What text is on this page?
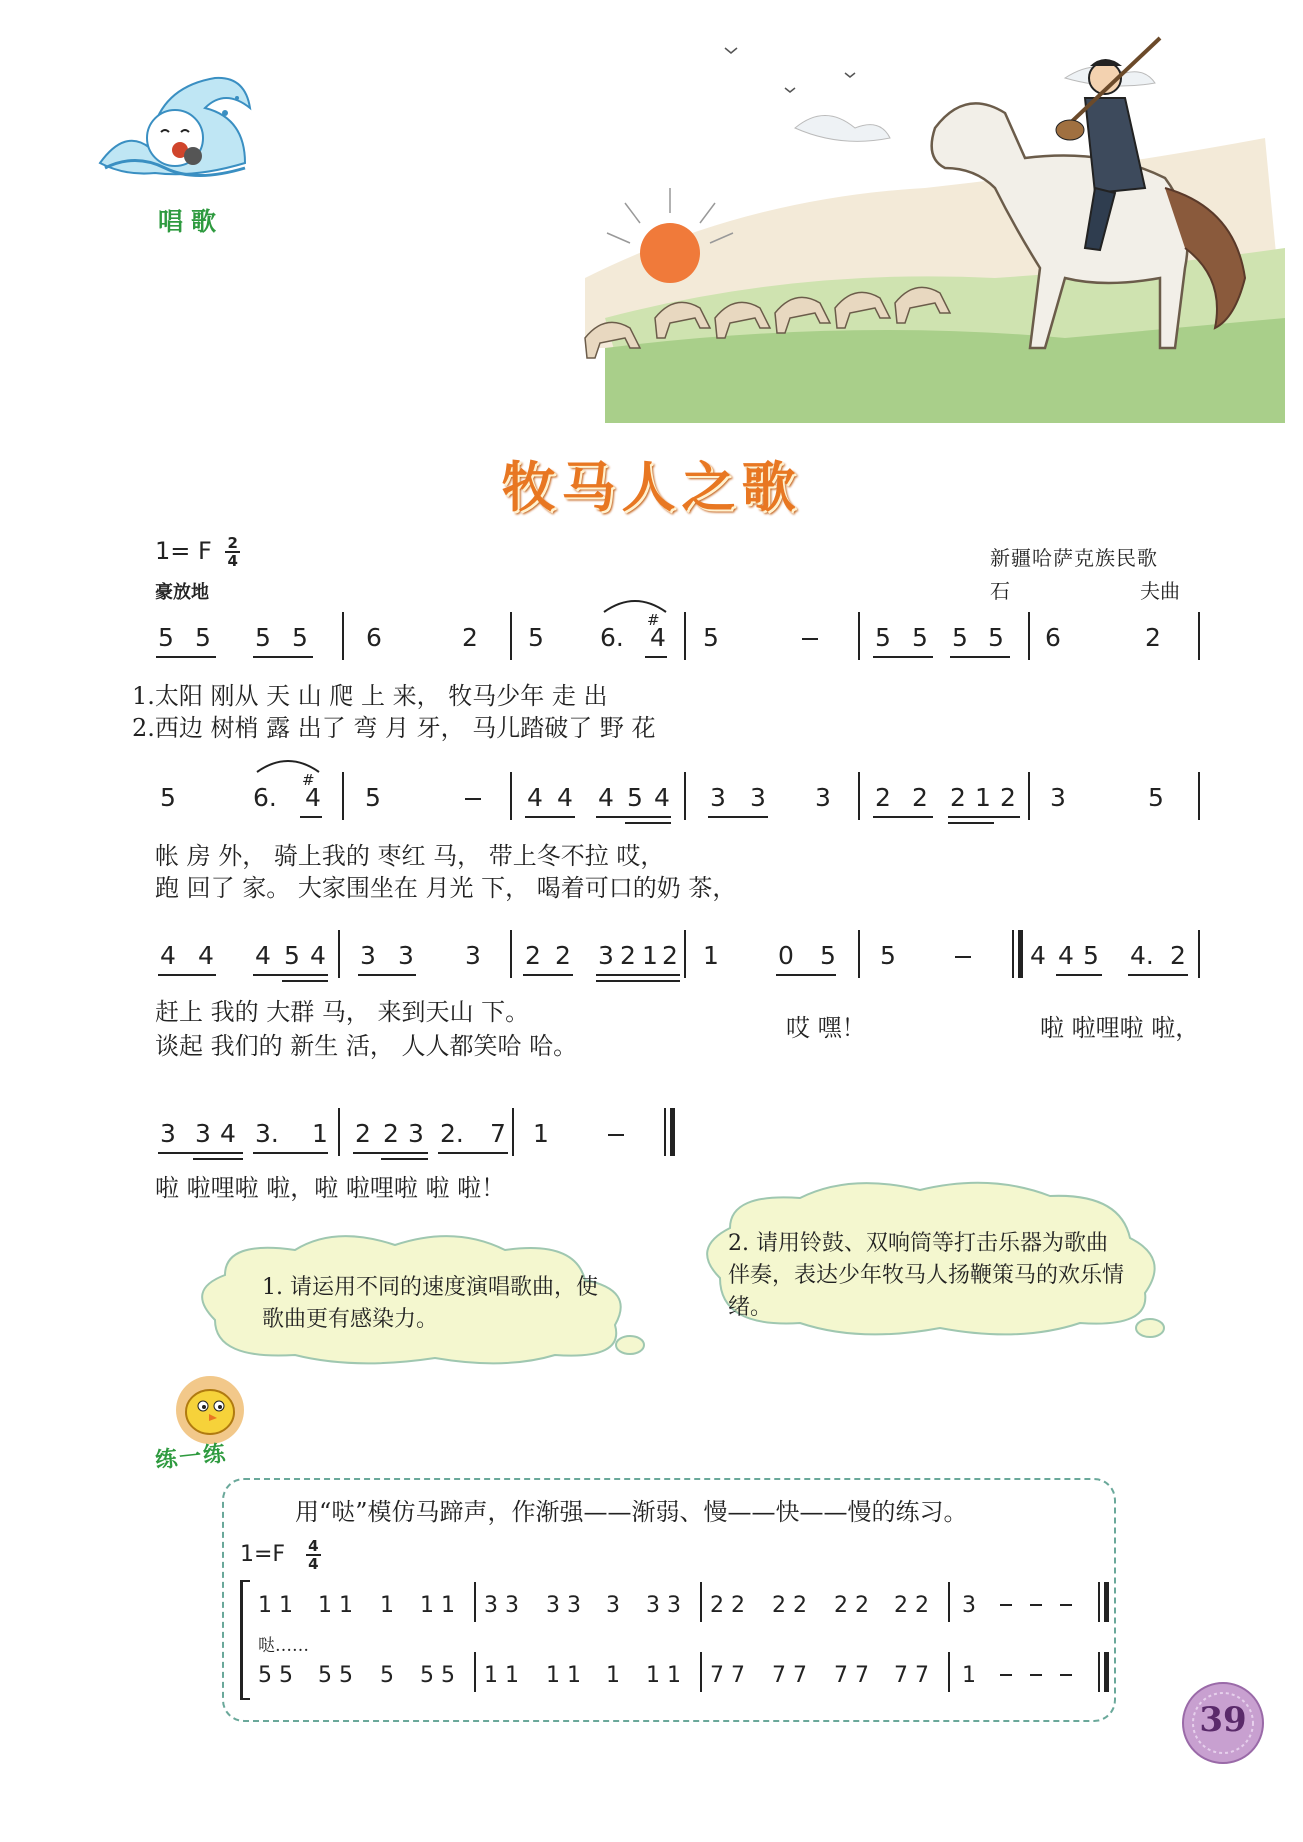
唱歌
牧马人之歌
1= F $\frac{2}{4}$
豪放地
新疆哈萨克族民歌
石	夫曲
5 5 5 5 6	2 5 6. 4
#
5	5 5 5 5 6	2
1.太阳 刚从 天 山 爬 上 来， 牧马少年 走 出
2.西边 树梢 露 出了 弯 月 牙， 马儿踏破了 野 花
5	6. 4
#
5	4 4 4 5 4 3 3 3 2 2 2 1 2 3	5
帐 房 外， 骑上我的 枣红 马， 带上冬不拉 哎，
跑 回了 家。 大家围坐在 月光 下， 喝着可口的奶 茶，
4 4 4 5 4 3 3 3 2 2 3 2 1 2 1 0 5 5	4 4 5 4. 2
赶上 我的 大群 马， 来到天山 下。
谈起 我们的 新生 活， 人人都笑哈 哈。
哎 嘿！	啦 啦哩啦 啦，
3 3 4 3. 1 2 2 3 2. 7 1
啦 啦哩啦 啦，啦 啦哩啦 啦 啦！
1. 请运用不同的速度演唱歌曲，使歌曲更有感染力。
2. 请用铃鼓、双响筒等打击乐器为歌曲伴奏，表达少年牧马人扬鞭策马的欢乐情绪。
练一练
用“哒”模仿马蹄声，作渐强——渐弱、慢——快——慢的练习。
$1=F \frac{4}{4}$
1 1 1 1 1 1 1 3 3 3 3 3 3 3 2 2 2 2 2 2 2 2 3
哒……
5 5 5 5 5 5 5 1 1 1 1 1 1 1 7 7 7 7 7 7 7 7 1
39
